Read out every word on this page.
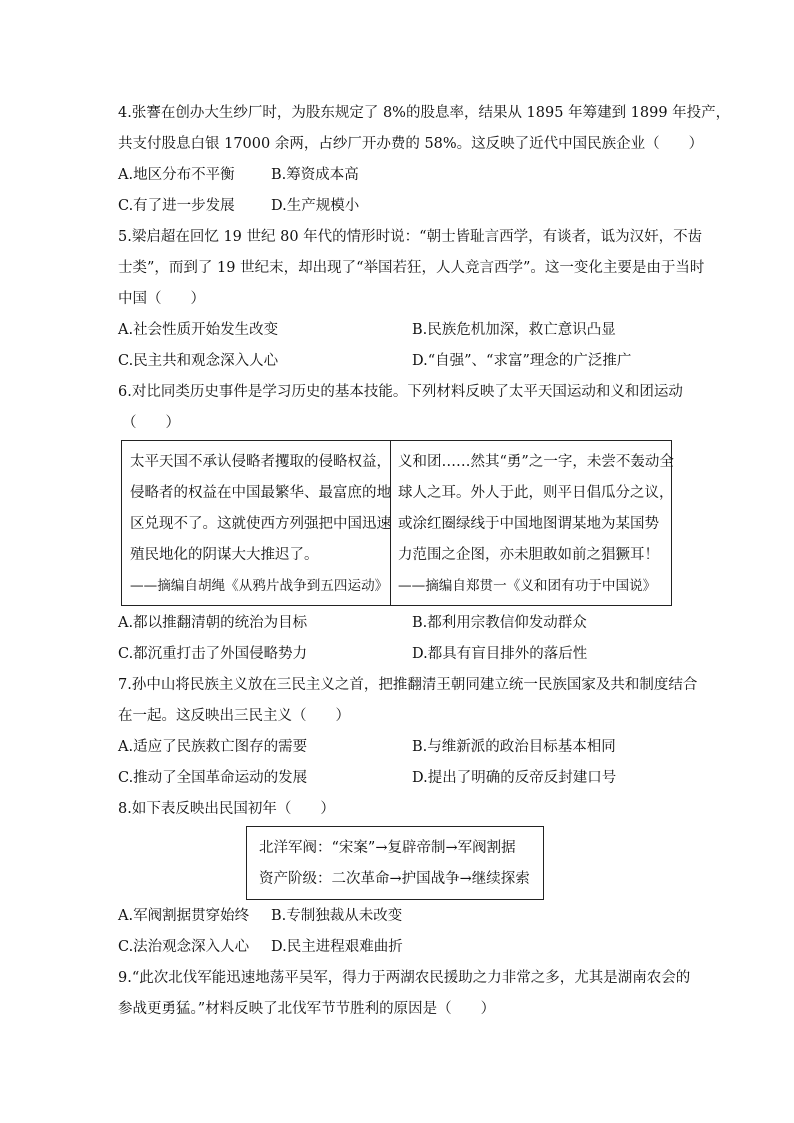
4.张謇在创办大生纱厂时，为股东规定了 8%的股息率，结果从 1895 年筹建到 1899 年投产，
共支付股息白银 17000 余两，占纱厂开办费的 58%。这反映了近代中国民族企业（　　）
A.地区分布不平衡	B.筹资成本高
C.有了进一步发展	D.生产规模小
5.梁启超在回忆 19 世纪 80 年代的情形时说：“朝士皆耻言西学，有谈者，诋为汉奸，不齿
士类”，而到了 19 世纪末，却出现了“举国若狂，人人竞言西学”。这一变化主要是由于当时
中国（　　）
A.社会性质开始发生改变	B.民族危机加深，救亡意识凸显
C.民主共和观念深入人心	D.“自强”、“求富”理念的广泛推广
6.对比同类历史事件是学习历史的基本技能。下列材料反映了太平天国运动和义和团运动
（　　）
太平天国不承认侵略者攫取的侵略权益，
侵略者的权益在中国最繁华、最富庶的地
区兑现不了。这就使西方列强把中国迅速
殖民地化的阴谋大大推迟了。
——摘编自胡绳《从鸦片战争到五四运动》
义和团……然其“勇”之一字，未尝不轰动全
球人之耳。外人于此，则平日倡瓜分之议，
或涂红圈绿线于中国地图谓某地为某国势
力范围之企图，亦未胆敢如前之猖獗耳！
——摘编自郑贯一《义和团有功于中国说》
A.都以推翻清朝的统治为目标	B.都利用宗教信仰发动群众
C.都沉重打击了外国侵略势力	D.都具有盲目排外的落后性
7.孙中山将民族主义放在三民主义之首，把推翻清王朝同建立统一民族国家及共和制度结合
在一起。这反映出三民主义（　　）
A.适应了民族救亡图存的需要	B.与维新派的政治目标基本相同
C.推动了全国革命运动的发展	D.提出了明确的反帝反封建口号
8.如下表反映出民国初年（　　）
北洋军阀：“宋案”→复辟帝制→军阀割据
资产阶级：二次革命→护国战争→继续探索
A.军阀割据贯穿始终 B.专制独裁从未改变
C.法治观念深入人心 D.民主进程艰难曲折
9.“此次北伐军能迅速地荡平吴军，得力于两湖农民援助之力非常之多，尤其是湖南农会的
参战更勇猛。”材料反映了北伐军节节胜利的原因是（　　）
